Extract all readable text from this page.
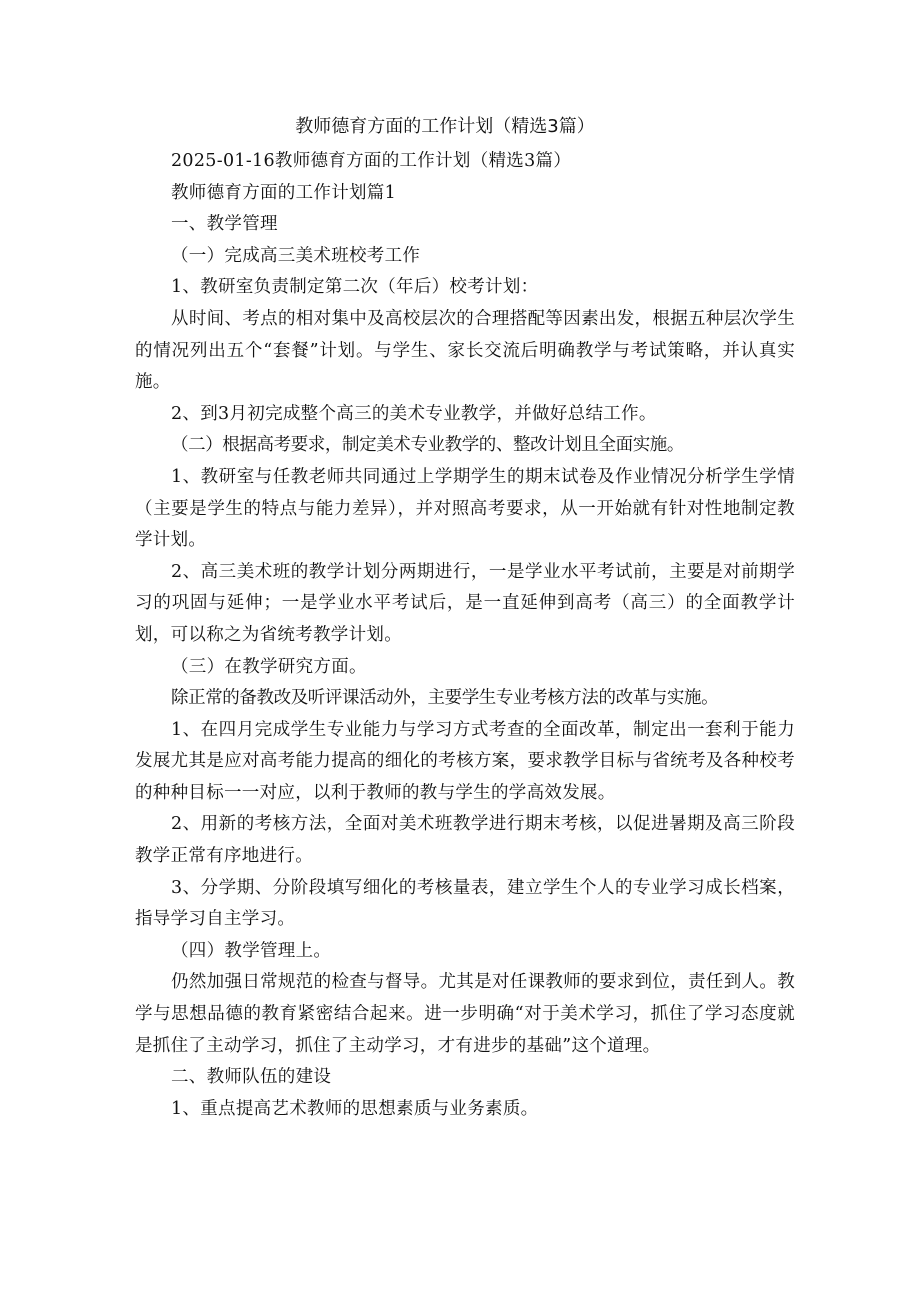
教师德育方面的工作计划（精选3篇）

2025-01-16教师德育方面的工作计划（精选3篇）

教师德育方面的工作计划篇1

一、教学管理

（一）完成高三美术班校考工作

1、教研室负责制定第二次（年后）校考计划：

从时间、考点的相对集中及高校层次的合理搭配等因素出发，根据五种层次学生的情况列出五个“套餐”计划。与学生、家长交流后明确教学与考试策略，并认真实施。

2、到3月初完成整个高三的美术专业教学，并做好总结工作。

（二）根据高考要求，制定美术专业教学的、整改计划且全面实施。

1、教研室与任教老师共同通过上学期学生的期末试卷及作业情况分析学生学情（主要是学生的特点与能力差异），并对照高考要求，从一开始就有针对性地制定教学计划。

2、高三美术班的教学计划分两期进行，一是学业水平考试前，主要是对前期学习的巩固与延伸；一是学业水平考试后，是一直延伸到高考（高三）的全面教学计划，可以称之为省统考教学计划。

（三）在教学研究方面。

除正常的备教改及听评课活动外，主要学生专业考核方法的改革与实施。

1、在四月完成学生专业能力与学习方式考查的全面改革，制定出一套利于能力发展尤其是应对高考能力提高的细化的考核方案，要求教学目标与省统考及各种校考的种种目标一一对应，以利于教师的教与学生的学高效发展。

2、用新的考核方法，全面对美术班教学进行期末考核，以促进暑期及高三阶段教学正常有序地进行。

3、分学期、分阶段填写细化的考核量表，建立学生个人的专业学习成长档案，指导学习自主学习。

（四）教学管理上。

仍然加强日常规范的检查与督导。尤其是对任课教师的要求到位，责任到人。教学与思想品德的教育紧密结合起来。进一步明确“对于美术学习，抓住了学习态度就是抓住了主动学习，抓住了主动学习，才有进步的基础”这个道理。

二、教师队伍的建设

1、重点提高艺术教师的思想素质与业务素质。
